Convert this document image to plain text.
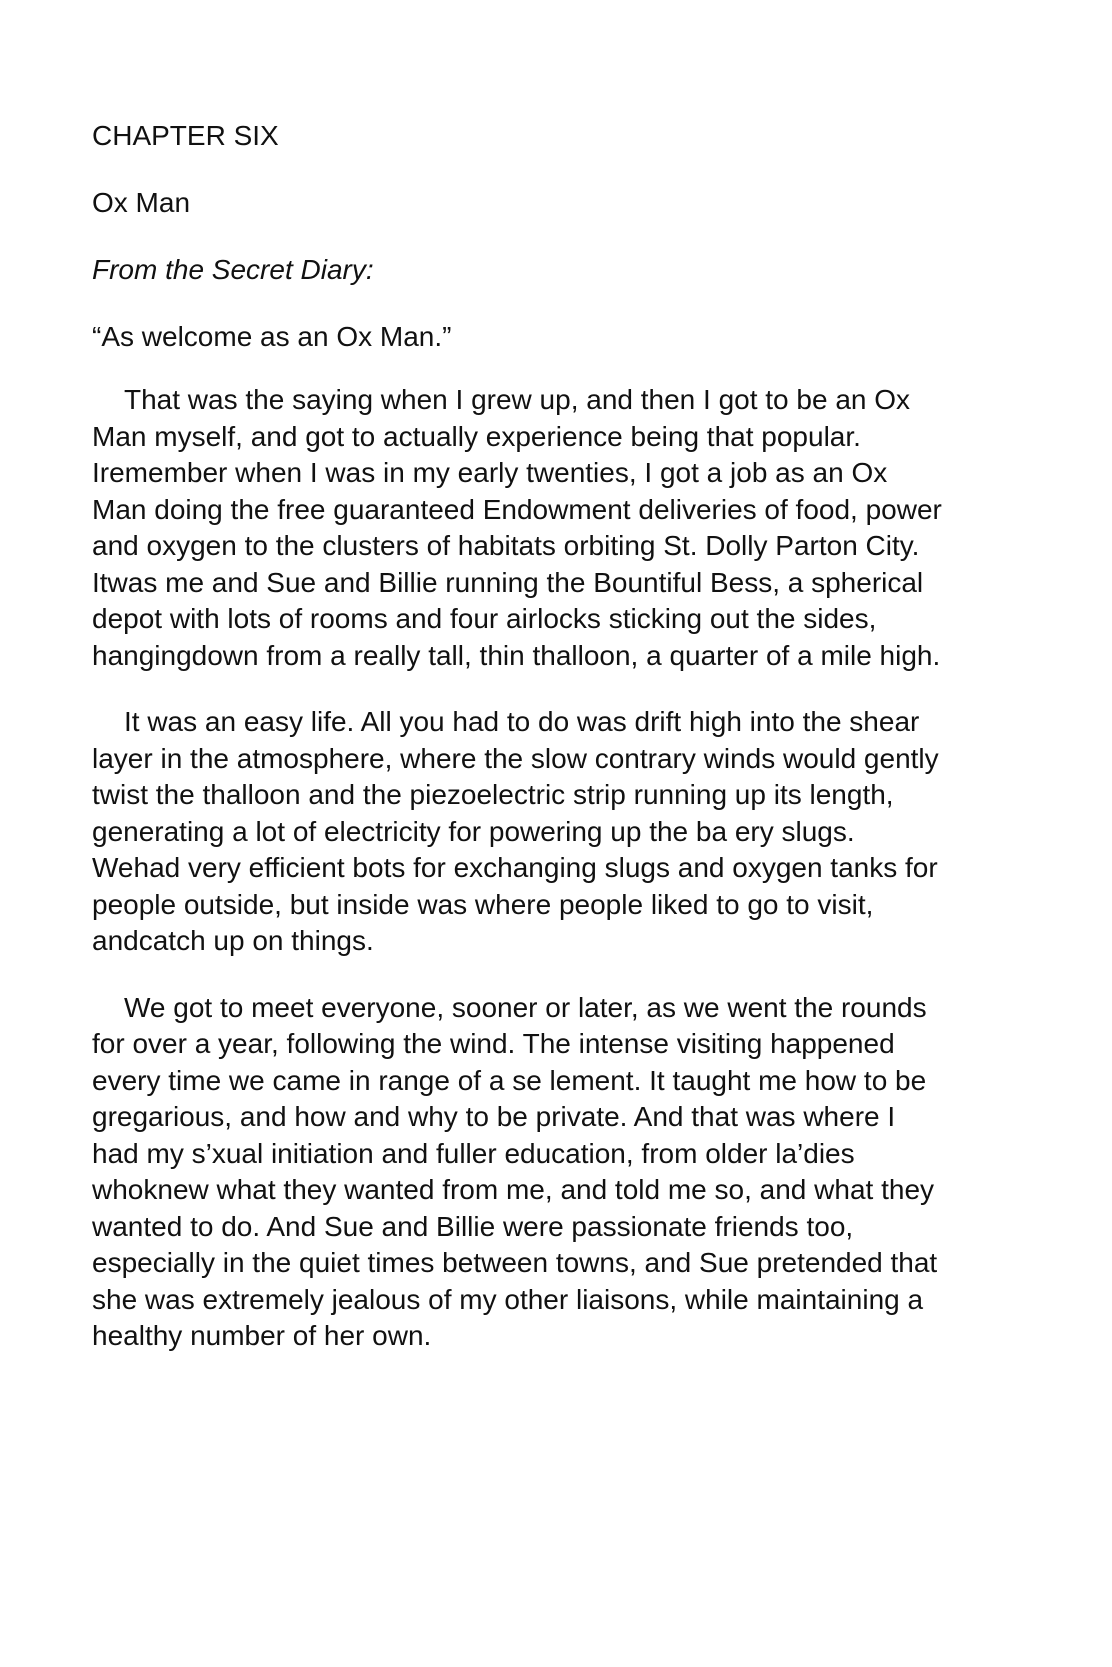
CHAPTER SIX

Ox Man

From the Secret Diary:

“As welcome as an Ox Man.”

That was the saying when I grew up, and then I got to be an Ox
Man myself, and got to actually experience being that popular.
Iremember when I was in my early twenties, I got a job as an Ox
Man doing the free guaranteed Endowment deliveries of food, power
and oxygen to the clusters of habitats orbiting St. Dolly Parton City.
Itwas me and Sue and Billie running the Bountiful Bess, a spherical
depot with lots of rooms and four airlocks sticking out the sides,
hangingdown from a really tall, thin thalloon, a quarter of a mile high.

It was an easy life. All you had to do was drift high into the shear
layer in the atmosphere, where the slow contrary winds would gently
twist the thalloon and the piezoelectric strip running up its length,
generating a lot of electricity for powering up the ba ery slugs.
Wehad very efficient bots for exchanging slugs and oxygen tanks for
people outside, but inside was where people liked to go to visit,
andcatch up on things.

We got to meet everyone, sooner or later, as we went the rounds
for over a year, following the wind. The intense visiting happened
every time we came in range of a se lement. It taught me how to be
gregarious, and how and why to be private. And that was where I
had my s’xual initiation and fuller education, from older la’dies
whoknew what they wanted from me, and told me so, and what they
wanted to do. And Sue and Billie were passionate friends too,
especially in the quiet times between towns, and Sue pretended that
she was extremely jealous of my other liaisons, while maintaining a
healthy number of her own.
